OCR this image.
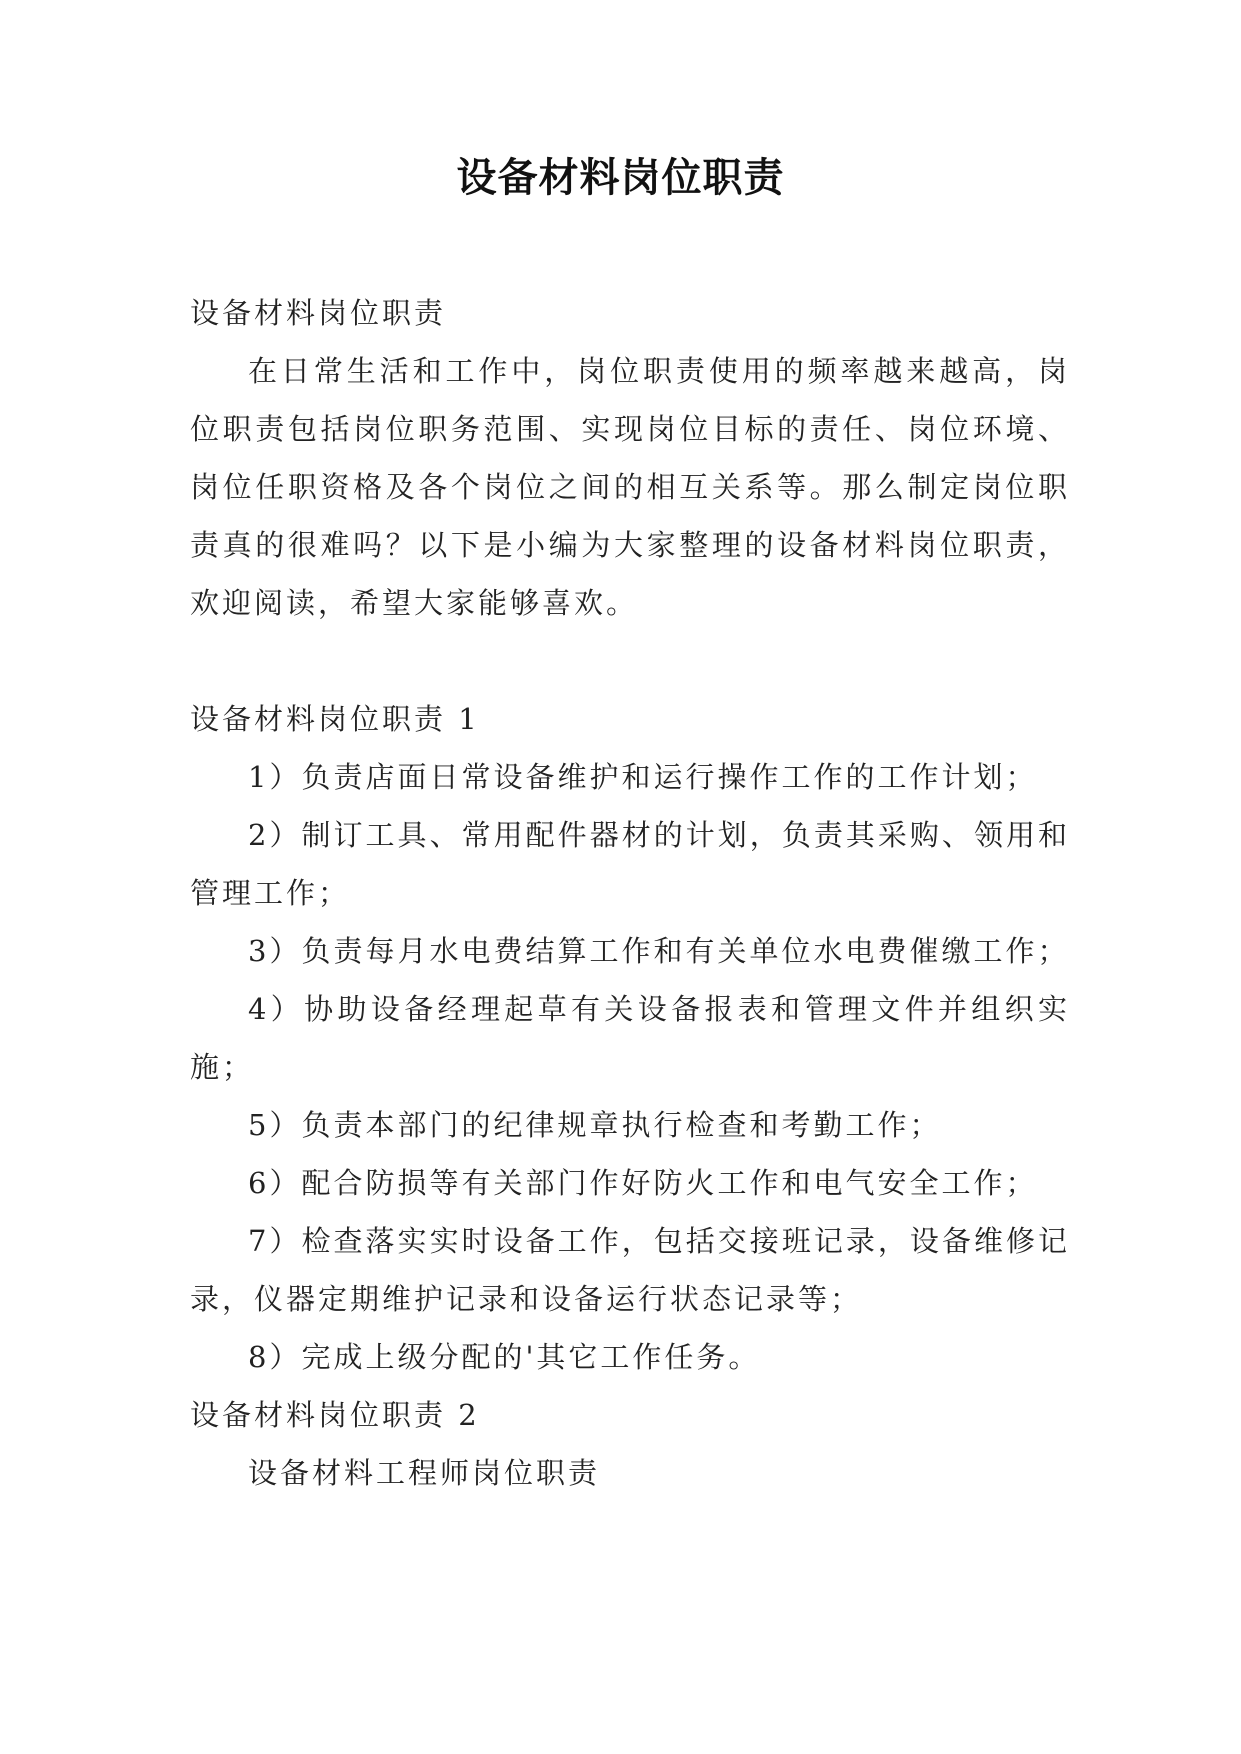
设备材料岗位职责

设备材料岗位职责

在日常生活和工作中，岗位职责使用的频率越来越高，岗位职责包括岗位职务范围、实现岗位目标的责任、岗位环境、岗位任职资格及各个岗位之间的相互关系等。那么制定岗位职责真的很难吗？以下是小编为大家整理的设备材料岗位职责，欢迎阅读，希望大家能够喜欢。

设备材料岗位职责 1

1）负责店面日常设备维护和运行操作工作的工作计划；

2）制订工具、常用配件器材的计划，负责其采购、领用和管理工作；

3）负责每月水电费结算工作和有关单位水电费催缴工作；

4）协助设备经理起草有关设备报表和管理文件并组织实施；

5）负责本部门的纪律规章执行检查和考勤工作；

6）配合防损等有关部门作好防火工作和电气安全工作；

7）检查落实实时设备工作，包括交接班记录，设备维修记录，仪器定期维护记录和设备运行状态记录等；

8）完成上级分配的'其它工作任务。

设备材料岗位职责 2

设备材料工程师岗位职责
